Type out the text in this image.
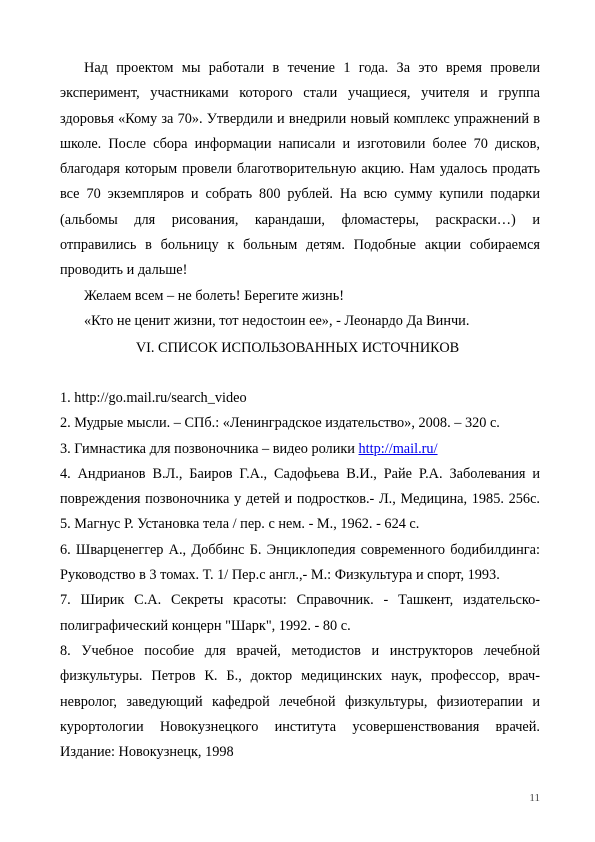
Над проектом мы работали в течение 1 года. За это время провели эксперимент, участниками которого стали учащиеся, учителя и группа здоровья «Кому за 70». Утвердили и внедрили новый комплекс упражнений в школе. После сбора информации написали и изготовили более 70 дисков, благодаря которым провели благотворительную акцию. Нам удалось продать все 70 экземпляров и собрать 800 рублей. На всю сумму купили подарки (альбомы для рисования, карандаши, фломастеры, раскраски…) и отправились в больницу к больным детям. Подобные акции собираемся проводить и дальше!

Желаем всем – не болеть! Берегите жизнь!

«Кто не ценит жизни, тот недостоин ее», - Леонардо Да Винчи.

VI. СПИСОК ИСПОЛЬЗОВАННЫХ ИСТОЧНИКОВ

1. http://go.mail.ru/search_video

2. Мудрые мысли. – СПб.: «Ленинградское издательство», 2008. – 320 с.

3. Гимнастика для позвоночника – видео ролики http://mail.ru/

4. Андрианов В.Л., Баиров Г.А., Садофьева В.И., Райе Р.А. Заболевания и повреждения позвоночника у детей и подростков.- Л., Медицина, 1985. 256с. 5. Магнус Р. Установка тела / пер. с нем. - М., 1962. - 624 с.

6. Шварценеггер А., Доббинс Б. Энциклопедия современного бодибилдинга: Руководство в 3 томах. Т. 1/ Пер.с англ.,- М.: Физкультура и спорт, 1993.

7. Ширик С.А. Секреты красоты: Справочник. - Ташкент, издательско-полиграфический концерн "Шарк", 1992. - 80 с.

8. Учебное пособие для врачей, методистов и инструкторов лечебной физкультуры. Петров К. Б., доктор медицинских наук, профессор, врач-невролог, заведующий кафедрой лечебной физкультуры, физиотерапии и курортологии Новокузнецкого института усовершенствования врачей. Издание: Новокузнецк, 1998

11
